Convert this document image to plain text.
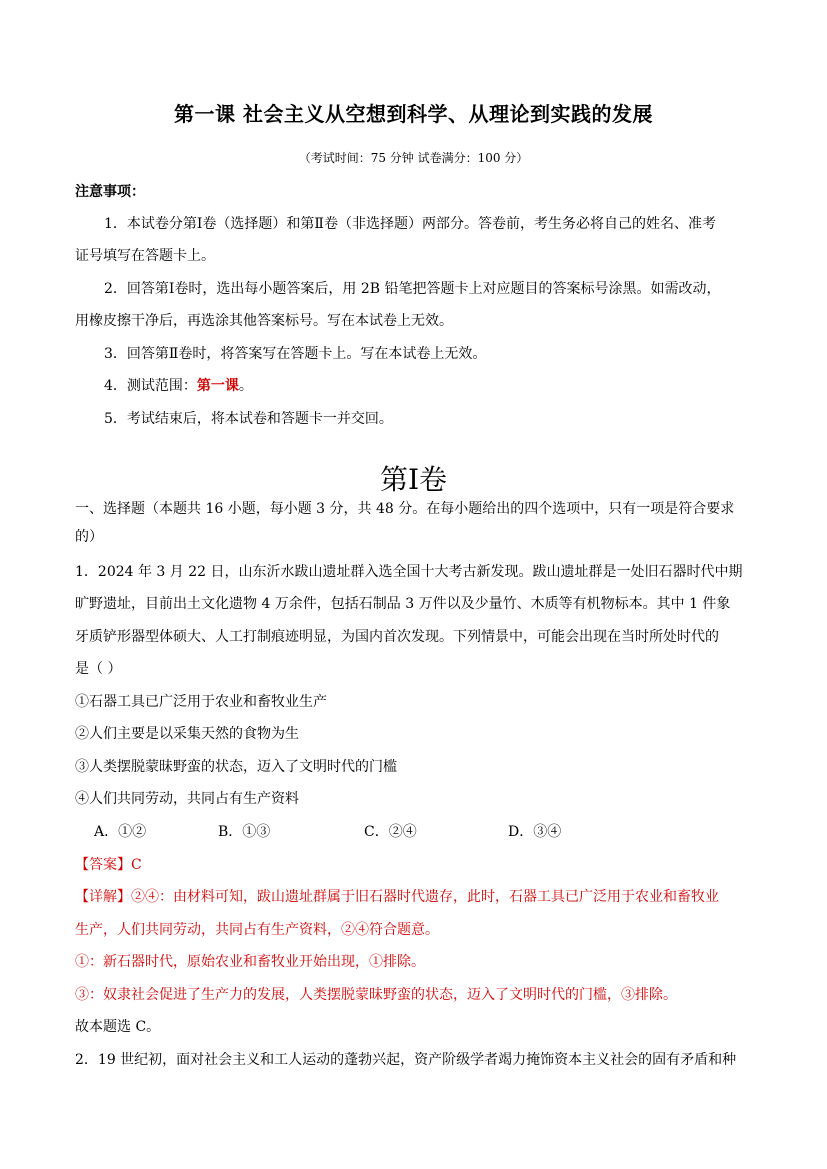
第一课 社会主义从空想到科学、从理论到实践的发展
（考试时间：75 分钟 试卷满分：100 分）
注意事项：
1．本试卷分第Ⅰ卷（选择题）和第Ⅱ卷（非选择题）两部分。答卷前，考生务必将自己的姓名、准考
证号填写在答题卡上。
2．回答第Ⅰ卷时，选出每小题答案后，用 2B 铅笔把答题卡上对应题目的答案标号涂黑。如需改动，
用橡皮擦干净后，再选涂其他答案标号。写在本试卷上无效。
3．回答第Ⅱ卷时，将答案写在答题卡上。写在本试卷上无效。
4．测试范围：第一课。
5．考试结束后，将本试卷和答题卡一并交回。
第Ⅰ卷
一、选择题（本题共 16 小题，每小题 3 分，共 48 分。在每小题给出的四个选项中，只有一项是符合要求
的）
1．2024 年 3 月 22 日，山东沂水跋山遗址群入选全国十大考古新发现。跋山遗址群是一处旧石器时代中期
旷野遗址，目前出土文化遗物 4 万余件，包括石制品 3 万件以及少量竹、木质等有机物标本。其中 1 件象
牙质铲形器型体硕大、人工打制痕迹明显，为国内首次发现。下列情景中，可能会出现在当时所处时代的
是（ ）
①石器工具已广泛用于农业和畜牧业生产
②人们主要是以采集天然的食物为生
③人类摆脱蒙昧野蛮的状态，迈入了文明时代的门槛
④人们共同劳动，共同占有生产资料
A．①②	B．①③	C．②④	D．③④
【答案】C
【详解】②④：由材料可知，跋山遗址群属于旧石器时代遗存，此时，石器工具已广泛用于农业和畜牧业
生产，人们共同劳动，共同占有生产资料，②④符合题意。
①：新石器时代，原始农业和畜牧业开始出现，①排除。
③：奴隶社会促进了生产力的发展，人类摆脱蒙昧野蛮的状态，迈入了文明时代的门槛，③排除。
故本题选 C。
2．19 世纪初，面对社会主义和工人运动的蓬勃兴起，资产阶级学者竭力掩饰资本主义社会的固有矛盾和种
